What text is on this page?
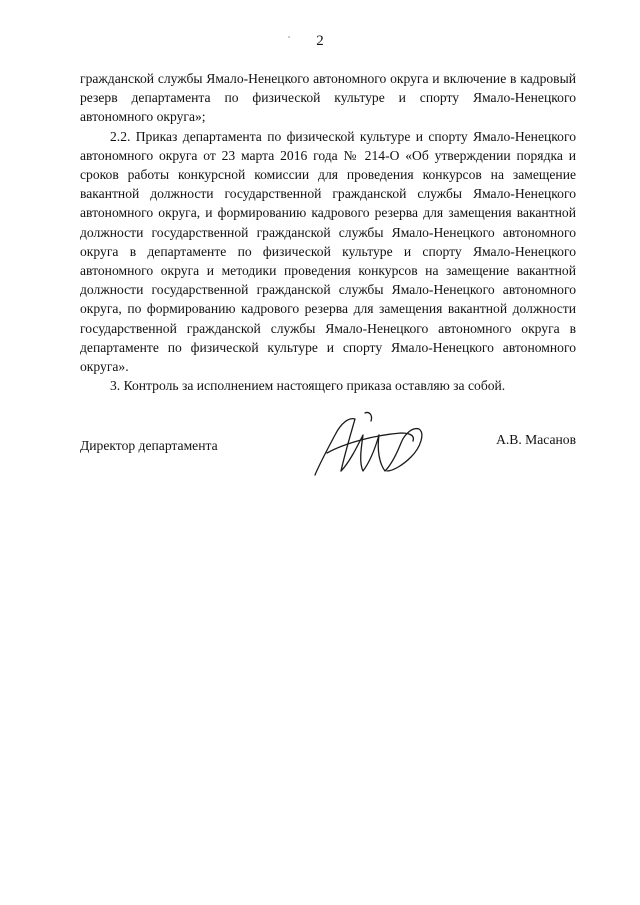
2

гражданской службы Ямало-Ненецкого автономного округа и включение в кадровый резерв департамента по физической культуре и спорту Ямало-Ненецкого автономного округа»;

2.2. Приказ департамента по физической культуре и спорту Ямало-Ненецкого автономного округа от 23 марта 2016 года № 214-О «Об утверждении порядка и сроков работы конкурсной комиссии для проведения конкурсов на замещение вакантной должности государственной гражданской службы Ямало-Ненецкого автономного округа, и формированию кадрового резерва для замещения вакантной должности государственной гражданской службы Ямало-Ненецкого автономного округа в департаменте по физической культуре и спорту Ямало-Ненецкого автономного округа и методики проведения конкурсов на замещение вакантной должности государственной гражданской службы Ямало-Ненецкого автономного округа, по формированию кадрового резерва для замещения вакантной должности государственной гражданской службы Ямало-Ненецкого автономного округа в департаменте по физической культуре и спорту Ямало-Ненецкого автономного округа».

3. Контроль за исполнением настоящего приказа оставляю за собой.

Директор департамента	А.В. Масанов
